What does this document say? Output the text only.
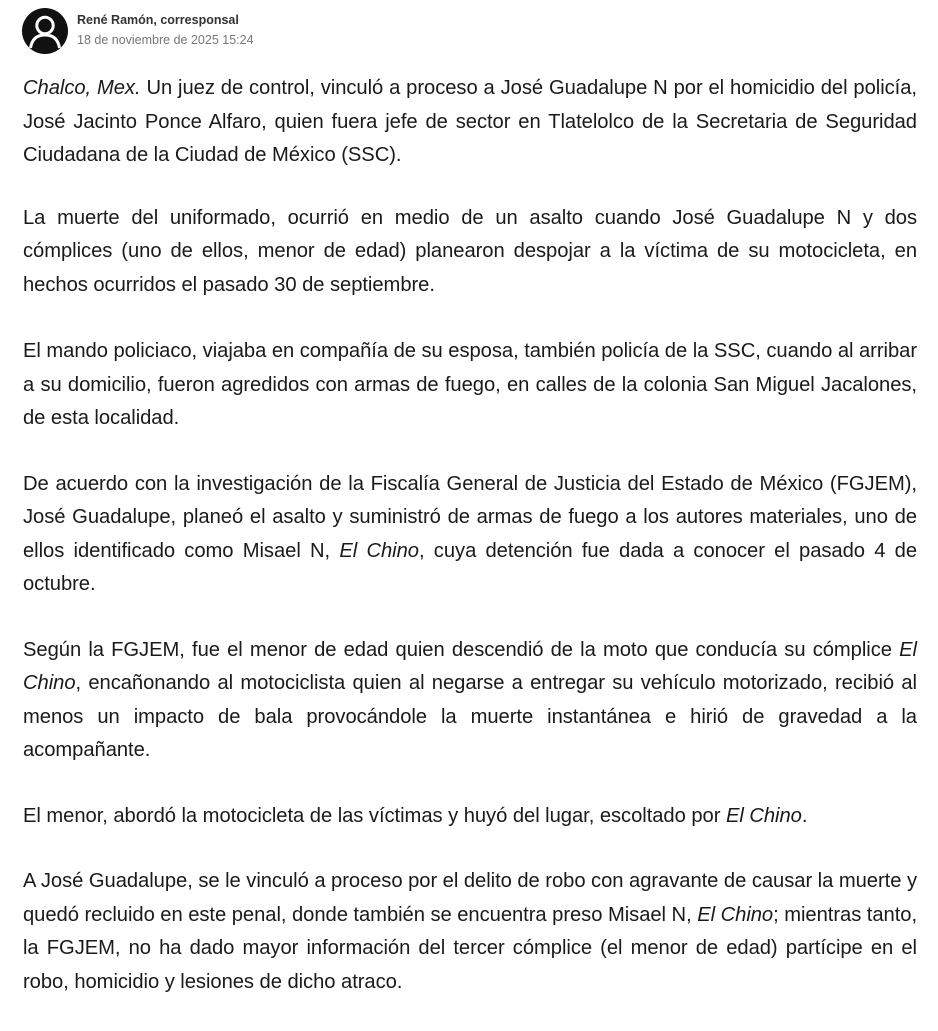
René Ramón, corresponsal
18 de noviembre de 2025 15:24

Chalco, Mex. Un juez de control, vinculó a proceso a José Guadalupe N por el homicidio del policía, José Jacinto Ponce Alfaro, quien fuera jefe de sector en Tlatelolco de la Secretaria de Seguridad Ciudadana de la Ciudad de México (SSC).

La muerte del uniformado, ocurrió en medio de un asalto cuando José Guadalupe N y dos cómplices (uno de ellos, menor de edad) planearon despojar a la víctima de su motocicleta, en hechos ocurridos el pasado 30 de septiembre.

El mando policiaco, viajaba en compañía de su esposa, también policía de la SSC, cuando al arribar a su domicilio, fueron agredidos con armas de fuego, en calles de la colonia San Miguel Jacalones, de esta localidad.

De acuerdo con la investigación de la Fiscalía General de Justicia del Estado de México (FGJEM), José Guadalupe, planeó el asalto y suministró de armas de fuego a los autores materiales, uno de ellos identificado como Misael N, El Chino, cuya detención fue dada a conocer el pasado 4 de octubre.

Según la FGJEM, fue el menor de edad quien descendió de la moto que conducía su cómplice El Chino, encañonando al motociclista quien al negarse a entregar su vehículo motorizado, recibió al menos un impacto de bala provocándole la muerte instantánea e hirió de gravedad a la acompañante.

El menor, abordó la motocicleta de las víctimas y huyó del lugar, escoltado por El Chino.

A José Guadalupe, se le vinculó a proceso por el delito de robo con agravante de causar la muerte y quedó recluido en este penal, donde también se encuentra preso Misael N, El Chino; mientras tanto, la FGJEM, no ha dado mayor información del tercer cómplice (el menor de edad) partícipe en el robo, homicidio y lesiones de dicho atraco.
